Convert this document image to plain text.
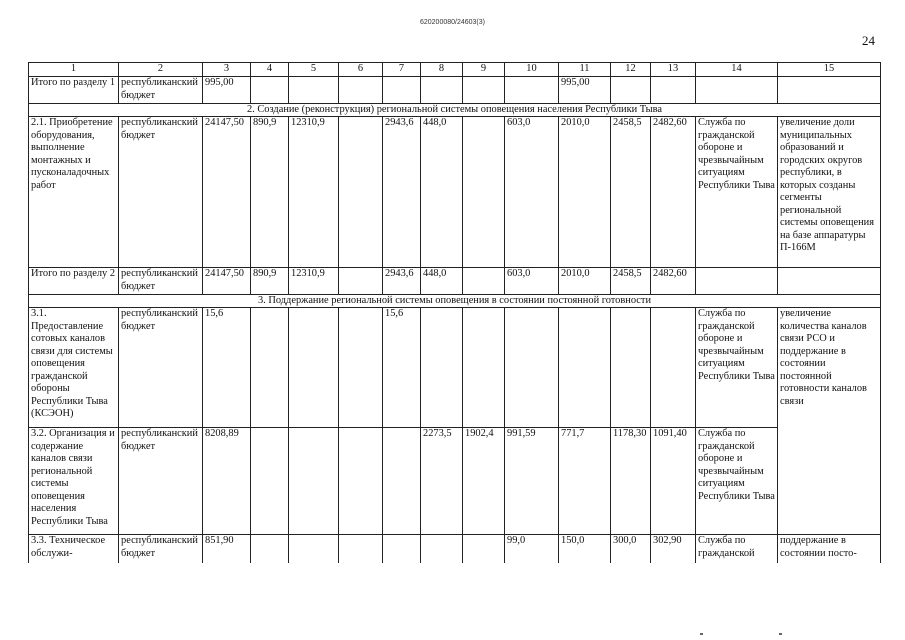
620200080/24603(3)
24
1	2	3	4	5	6	7	8	9	10	11	12	13	14	15
Итого по разделу 1	республиканский бюджет	995,00								995,00				
2. Создание (реконструкция) региональной системы оповещения населения Республики Тыва														
2.1. Приобретение оборудования, выполнение монтажных и пусконаладочных работ	республиканский бюджет	24147,50	890,9	12310,9		2943,6	448,0		603,0	2010,0	2458,5	2482,60	Служба по гражданской обороне и чрезвычайным ситуациям Республики Тыва	увеличение доли муниципальных образований и городских округов республики, в которых созданы сегменты региональной системы оповещения на базе аппаратуры П-166М
Итого по разделу 2	республиканский бюджет	24147,50	890,9	12310,9		2943,6	448,0		603,0	2010,0	2458,5	2482,60		
3. Поддержание региональной системы оповещения в состоянии постоянной готовности														
3.1. Предоставление сотовых каналов связи для системы оповещения гражданской обороны Республики Тыва (КСЭОН)	республиканский бюджет	15,6				15,6							Служба по гражданской обороне и чрезвычайным ситуациям Республики Тыва	увеличение количества каналов связи РСО и поддержание в состоянии постоянной готовности каналов связи
3.2. Организация и содержание каналов связи региональной системы оповещения населения Республики Тыва	республиканский бюджет	8208,89					2273,5	1902,4	991,59	771,7	1178,30	1091,40	Служба по гражданской обороне и чрезвычайным ситуациям Республики Тыва	
3.3. Техническое обслужи-	республиканский бюджет	851,90							99,0	150,0	300,0	302,90	Служба по гражданской	поддержание в состоянии посто-
